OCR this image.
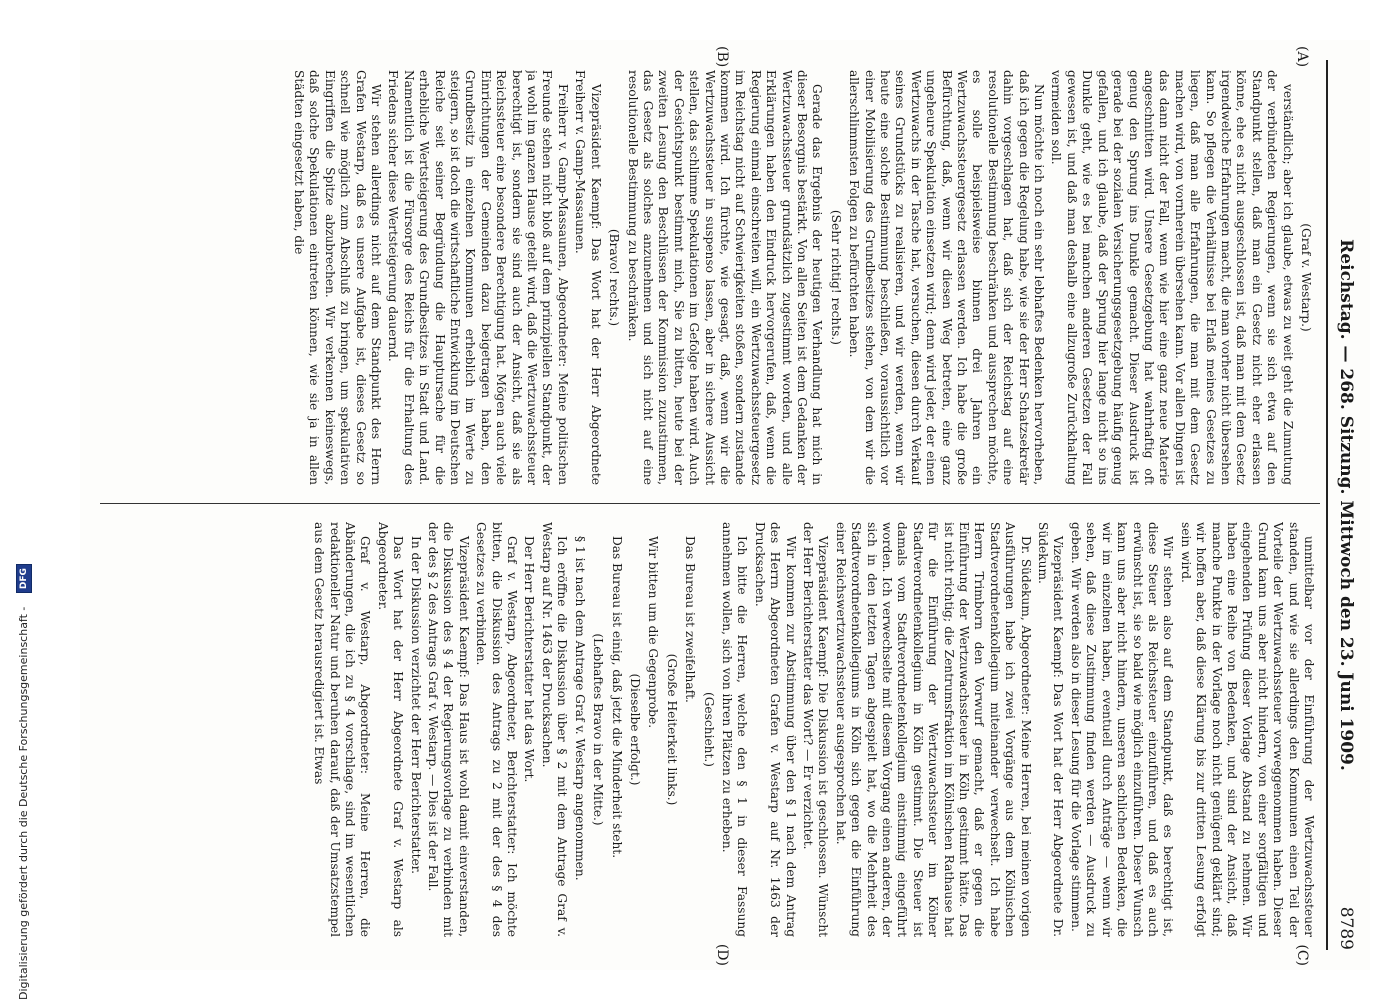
Reichstag. — 268. Sitzung. Mittwoch den 23. Juni 1909.
8789
(A)
(B)
(C)
(D)

(Graf v. Westarp.)

verständlich; aber ich glaube, etwas zu weit geht die Zumutung der verbündeten Regierungen, wenn sie sich etwa auf den Standpunkt stellen, daß man ein Gesetz nicht eher erlassen könne, ehe es nicht ausgeschlossen ist, daß man mit dem Gesetz irgendwelche Erfahrungen macht, die man vorher nicht übersehen kann. So pflegen die Verhältnisse bei Erlaß meines Gesetzes zu liegen, daß man alle Erfahrungen, die man mit dem Gesetz machen wird, von vornherein übersehen kann. Vor allen Dingen ist das dann nicht der Fall, wenn wie hier eine ganz neue Materie angeschnitten wird. Unsere Gesetzgebung hat wahrhaftig oft genug den Sprung ins Dunkle gemacht. Dieser Ausdruck ist gerade bei der sozialen Versicherungsgesetzgebung häufig genug gefallen, und ich glaube, daß der Sprung hier lange nicht so ins Dunkle geht, wie es bei manchen anderen Gesetzen der Fall gewesen ist, und daß man deshalb eine allzugroße Zurückhaltung vermeiden soll.

Nun möchte ich noch ein sehr lebhaftes Bedenken hervorheben, daß ich gegen die Regelung habe, wie sie der Herr Schatzsekretär dahin vorgeschlagen hat, daß sich der Reichstag auf eine resolutionelle Bestimmung beschränken und aussprechen möchte, es solle beispielsweise binnen drei Jahren ein Wertzuwachssteuergesetz erlassen werden. Ich habe die große Befürchtung, daß, wenn wir diesen Weg betreten, eine ganz ungeheure Spekulation einsetzen wird; denn wird jeder, der einen Wertzuwachs in der Tasche hat, versuchen, diesen durch Verkauf seines Grundstücks zu realisieren, und wir werden, wenn wir heute eine solche Bestimmung beschließen, voraussichtlich vor einer Mobilisierung des Grundbesitzes stehen, von dem wir die allerschlimmsten Folgen zu befürchten haben.

(Sehr richtig! rechts.)

Gerade das Ergebnis der heutigen Verhandlung hat mich in dieser Besorgnis bestärkt. Von allen Seiten ist dem Gedanken der Wertzuwachssteuer grundsätzlich zugestimmt worden, und alle Erklärungen haben den Eindruck hervorgerufen, daß, wenn die Regierung einmal einschreiten will, ein Wertzuwachssteuergesetz im Reichstag nicht auf Schwierigkeiten stoßen, sondern zustande kommen wird. Ich fürchte, wie gesagt, daß, wenn wir die Wertzuwachssteuer in suspenso lassen, aber in sichere Aussicht stellen, das schlimme Spekulationen im Gefolge haben wird. Auch der Gesichtspunkt bestimmt mich, Sie zu bitten, heute bei der zweiten Lesung den Beschlüssen der Kommission zuzustimmen, das Gesetz als solches anzunehmen und sich nicht auf eine resolutionelle Bestimmung zu beschränken.

(Bravo! rechts.)

Vizepräsident Kaempf: Das Wort hat der Herr Abgeordnete Freiherr v. Gamp-Massaunen.

Freiherr v. Gamp-Massaunen, Abgeordneter: Meine politischen Freunde stehen nicht bloß auf dem prinzipiellen Standpunkt, der ja wohl im ganzen Hause geteilt wird, daß die Wertzuwachssteuer berechtigt ist, sondern sie sind auch der Ansicht, daß sie als Reichssteuer eine besondere Berechtigung hat. Mögen auch viele Einrichtungen der Gemeinden dazu beigetragen haben, den Grundbesitz in einzelnen Kommunen erheblich im Werte zu steigern, so ist doch die wirtschaftliche Entwicklung im Deutschen Reiche seit seiner Begründung die Hauptursache für die erhebliche Wertsteigerung des Grundbesitzes in Stadt und Land. Namentlich ist die Fürsorge des Reichs für die Erhaltung des Friedens sicher diese Wertsteigerung dauernd.

Wir stehen allerdings nicht auf dem Standpunkt des Herrn Grafen Westarp, daß es unsere Aufgabe ist, dieses Gesetz so schnell wie möglich zum Abschluß zu bringen, um spekulativen Eingriffen die Spitze abzubrechen. Wir verkennen keineswegs, daß solche Spekulationen eintreten können, wie sie ja in allen Städten eingesetzt haben, die

unmittelbar vor der Einführung der Wertzuwachssteuer standen, und wie sie allerdings den Kommunen einen Teil der Vorteile der Wertzuwachssteuer vorweggenommen haben. Dieser Grund kann uns aber nicht hindern, von einer sorgfältigen und eingehenden Prüfung dieser Vorlage Abstand zu nehmen. Wir haben eine Reihe von Bedenken, und sind der Ansicht, daß manche Punkte in der Vorlage noch nicht genügend geklärt sind; wir hoffen aber, daß diese Klärung bis zur dritten Lesung erfolgt sein wird.

Wir stehen also auf dem Standpunkt, daß es berechtigt ist, diese Steuer als Reichssteuer einzuführen, und daß es auch erwünscht ist, sie so bald wie möglich einzuführen. Dieser Wunsch kann uns aber nicht hindern, unseren sachlichen Bedenken, die wir im einzelnen haben, eventuell durch Anträge — wenn wir sehen, daß diese Zustimmung finden werden — Ausdruck zu geben. Wir werden also in dieser Lesung für die Vorlage stimmen.

Vizepräsident Kaempf: Das Wort hat der Herr Abgeordnete Dr. Südekum.

Dr. Südekum, Abgeordneter: Meine Herren, bei meinen vorigen Ausführungen habe ich zwei Vorgänge aus dem Kölnischen Stadtverordnetenkollegium miteinander verwechselt. Ich habe Herrn Trimborn den Vorwurf gemacht, daß er gegen die Einführung der Wertzuwachssteuer in Köln gestimmt hätte. Das ist nicht richtig; die Zentrumsfraktion im Kölnischen Rathause hat für die Einführung der Wertzuwachssteuer im Kölner Stadtverordnetenkollegium in Köln gestimmt. Die Steuer ist damals vom Stadtverordnetenkollegium einstimmig eingeführt worden. Ich verwechselte mit diesem Vorgang einen anderen, der sich in den letzten Tagen abgespielt hat, wo die Mehrheit des Stadtverordnetenkollegiums in Köln sich gegen die Einführung einer Reichswertzuwachssteuer ausgesprochen hat.

Vizepräsident Kaempf: Die Diskussion ist geschlossen. Wünscht der Herr Berichterstatter das Wort? — Er verzichtet.

Wir kommen zur Abstimmung über den § 1 nach dem Antrag des Herrn Abgeordneten Grafen v. Westarp auf Nr. 1463 der Drucksachen.

Ich bitte die Herren, welche den § 1 in dieser Fassung annehmen wollen, sich von ihren Plätzen zu erheben.

(Geschieht.)

Das Bureau ist zweifelhaft.

(Große Heiterkeit links.)

Wir bitten um die Gegenprobe.

(Dieselbe erfolgt.)

Das Bureau ist einig, daß jetzt die Minderheit steht.

(Lebhaftes Bravo in der Mitte.)

§ 1 ist nach dem Antrage Graf v. Westarp angenommen.

Ich eröffne die Diskussion über § 2 mit dem Antrage Graf v. Westarp auf Nr. 1463 der Drucksachen.

Der Herr Berichterstatter hat das Wort.

Graf v. Westarp, Abgeordneter, Berichterstatter: Ich möchte bitten, die Diskussion des Antrags zu 2 mit der des § 4 des Gesetzes zu verbinden.

Vizepräsident Kaempf: Das Haus ist wohl damit einverstanden, die Diskussion des § 4 der Regierungsvorlage zu verbinden mit der des § 2 des Antrags Graf v. Westarp. — Dies ist der Fall.

In der Diskussion verzichtet der Herr Berichterstatter.

Das Wort hat der Herr Abgeordnete Graf v. Westarp als Abgeordneter.

Graf v. Westarp, Abgeordneter: Meine Herren, die Abänderungen, die ich zu § 4 vorschlage, sind im wesentlichen redaktioneller Natur und beruhen darauf, daß der Umsatzstempel aus dem Gesetz herausredigiert ist. Etwas

Digitalisierung gefördert durch die Deutsche Forschungsgemeinschaft - DFG
